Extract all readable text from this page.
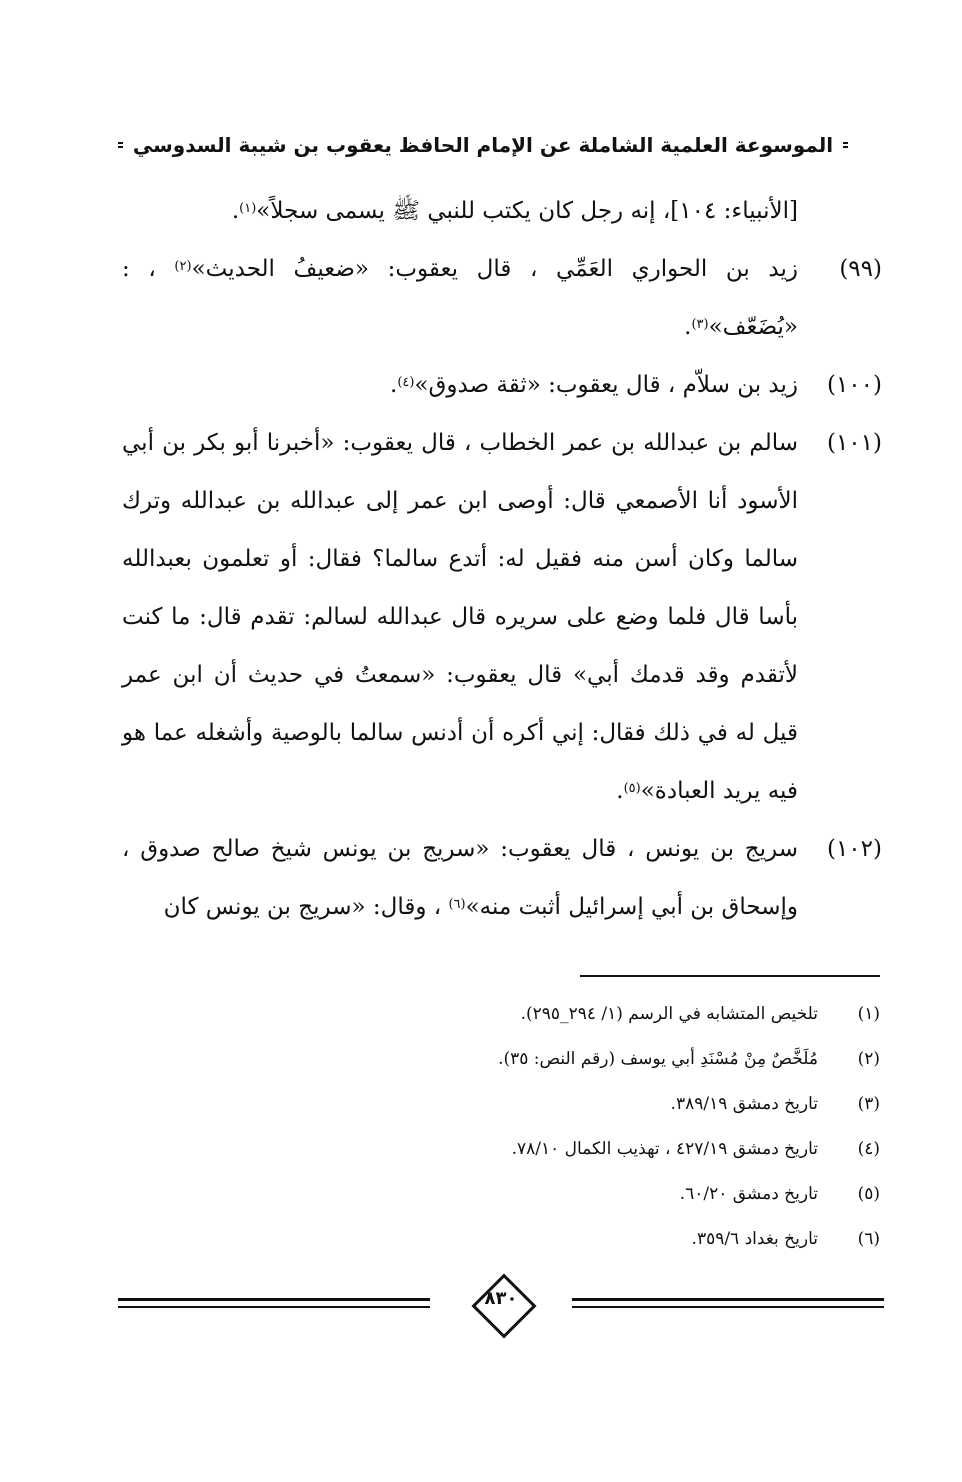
الموسوعة العلمية الشاملة عن الإمام الحافظ يعقوب بن شيبة السدوسي
[الأنبياء: ١٠٤]، إنه رجل كان يكتب للنبي ﷺ يسمى سجلاً»$^{(١)}$.
(٩٩)
زيد بن الحواري العَمِّي ، قال يعقوب: «ضعيفُ الحديث»$^{(٢)}$ ، : «يُضَعّف»$^{(٣)}$.
(١٠٠)
زيد بن سلاّم ، قال يعقوب: «ثقة صدوق»$^{(٤)}$.
(١٠١)
سالم بن عبدالله بن عمر الخطاب ، قال يعقوب: «أخبرنا أبو بكر بن أبي الأسود أنا الأصمعي قال: أوصى ابن عمر إلى عبدالله بن عبدالله وترك سالما وكان أسن منه فقيل له: أتدع سالما؟ فقال: أو تعلمون بعبدالله بأسا قال فلما وضع على سريره قال عبدالله لسالم: تقدم قال: ما كنت لأتقدم وقد قدمك أبي» قال يعقوب: «سمعتُ في حديث أن ابن عمر قيل له في ذلك فقال: إني أكره أن أدنس سالما بالوصية وأشغله عما هو فيه يريد العبادة»$^{(٥)}$.
(١٠٢)
سريج بن يونس ، قال يعقوب: «سريج بن يونس شيخ صالح صدوق ، وإسحاق بن أبي إسرائيل أثبت منه»$^{(٦)}$ ، وقال: «سريج بن يونس كان
(١)
تلخيص المتشابه في الرسم (١/ ٢٩٤_٢٩٥).
(٢)
مُلَخَّصٌ مِنْ مُسْنَدِ أبي يوسف (رقم النص: ٣٥).
(٣)
تاريخ دمشق ٣٨٩/١٩.
(٤)
تاريخ دمشق ٤٢٧/١٩ ، تهذيب الكمال ٧٨/١٠.
(٥)
تاريخ دمشق ٦٠/٢٠.
(٦)
تاريخ بغداد ٣٥٩/٦.
٨٣٠
